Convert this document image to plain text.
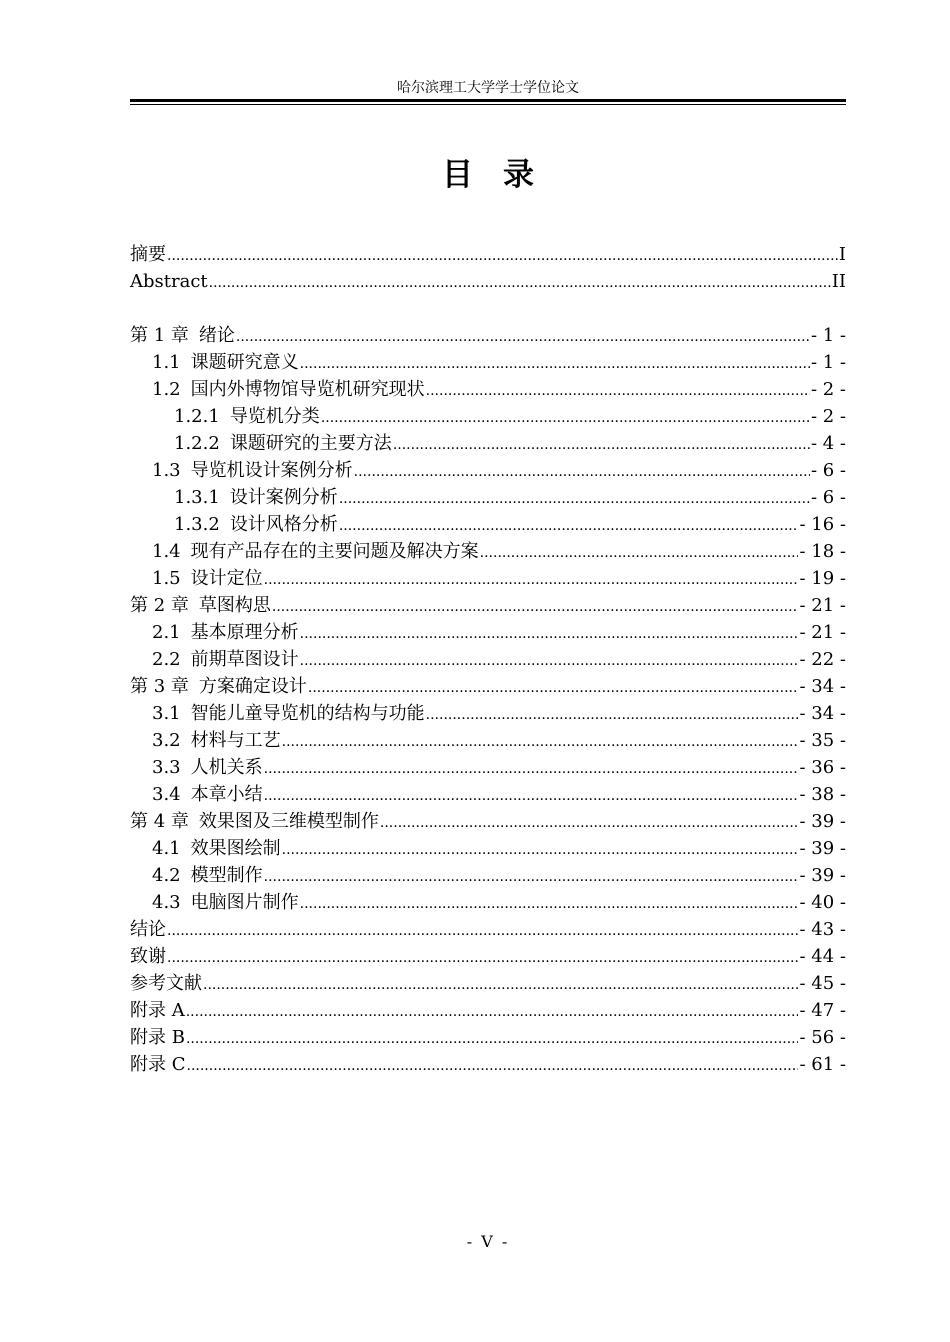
哈尔滨理工大学学士学位论文
目录
摘要 .....	I
Abstract .....	II
第 1 章 绪论 .....	- 1 -
1.1 课题研究意义 .....	- 1 -
1.2 国内外博物馆导览机研究现状 .....	- 2 -
1.2.1 导览机分类 .....	- 2 -
1.2.2 课题研究的主要方法 .....	- 4 -
1.3 导览机设计案例分析 .....	- 6 -
1.3.1 设计案例分析 .....	- 6 -
1.3.2 设计风格分析 .....	- 16 -
1.4 现有产品存在的主要问题及解决方案 .....	- 18 -
1.5 设计定位 .....	- 19 -
第 2 章 草图构思 .....	- 21 -
2.1 基本原理分析 .....	- 21 -
2.2 前期草图设计 .....	- 22 -
第 3 章 方案确定设计 .....	- 34 -
3.1 智能儿童导览机的结构与功能 .....	- 34 -
3.2 材料与工艺 .....	- 35 -
3.3 人机关系 .....	- 36 -
3.4 本章小结 .....	- 38 -
第 4 章 效果图及三维模型制作 .....	- 39 -
4.1 效果图绘制 .....	- 39 -
4.2 模型制作 .....	- 39 -
4.3 电脑图片制作 .....	- 40 -
结论 .....	- 43 -
致谢 .....	- 44 -
参考文献 .....	- 45 -
附录 A .....	- 47 -
附录 B .....	- 56 -
附录 C .....	- 61 -
- V -
